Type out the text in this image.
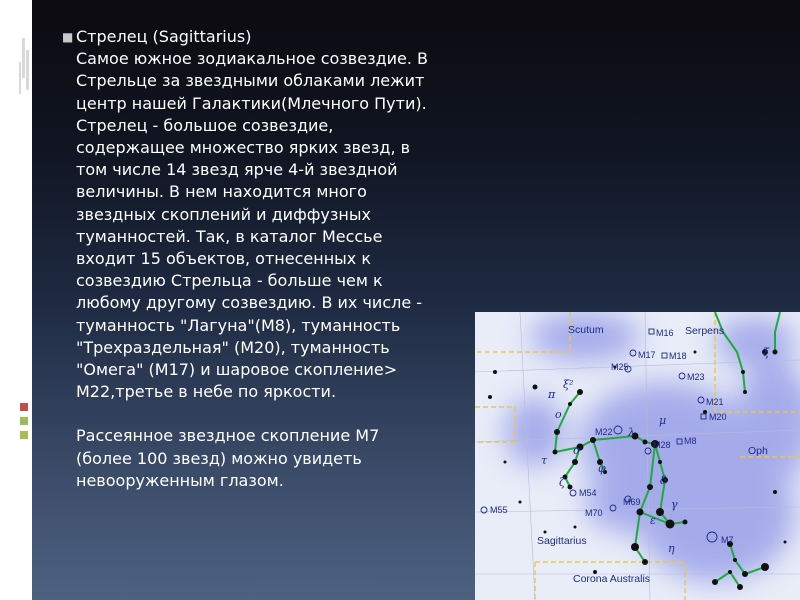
■ Стрелец (Sagittarius)
Самое южное зодиакальное созвездие. В
Стрельце за звездными облаками лежит
центр нашей Галактики(Млечного Пути).
Стрелец - большое созвездие,
содержащее множество ярких звезд, в
том числе 14 звезд ярче 4-й звездной
величины. В нем находится много
звездных скоплений и диффузных
туманностей. Так, в каталог Мессье
входит 15 объектов, отнесенных к
созвездию Стрельца - больше чем к
любому другому созвездию. В их числе -
туманность "Лагуна"(М8), туманность
"Трехраздельная" (М20), туманность
"Омега" (М17) и шаровое скопление>
М22,третье в небе по яркости.

Рассеянное звездное скопление М7
(более 100 звезд) можно увидеть
невооруженным глазом.

Scutum	Serpens
Oph
Sagittarius
Corona Australis
M16
M17 M18
M25
M23
M21
M20
M22
M28 M8
M54
M69
M70
M55
M7
ξ
ξ²
π
o
λ
μ
σ
τ
φ
ζ	δ
γ
ε
η
